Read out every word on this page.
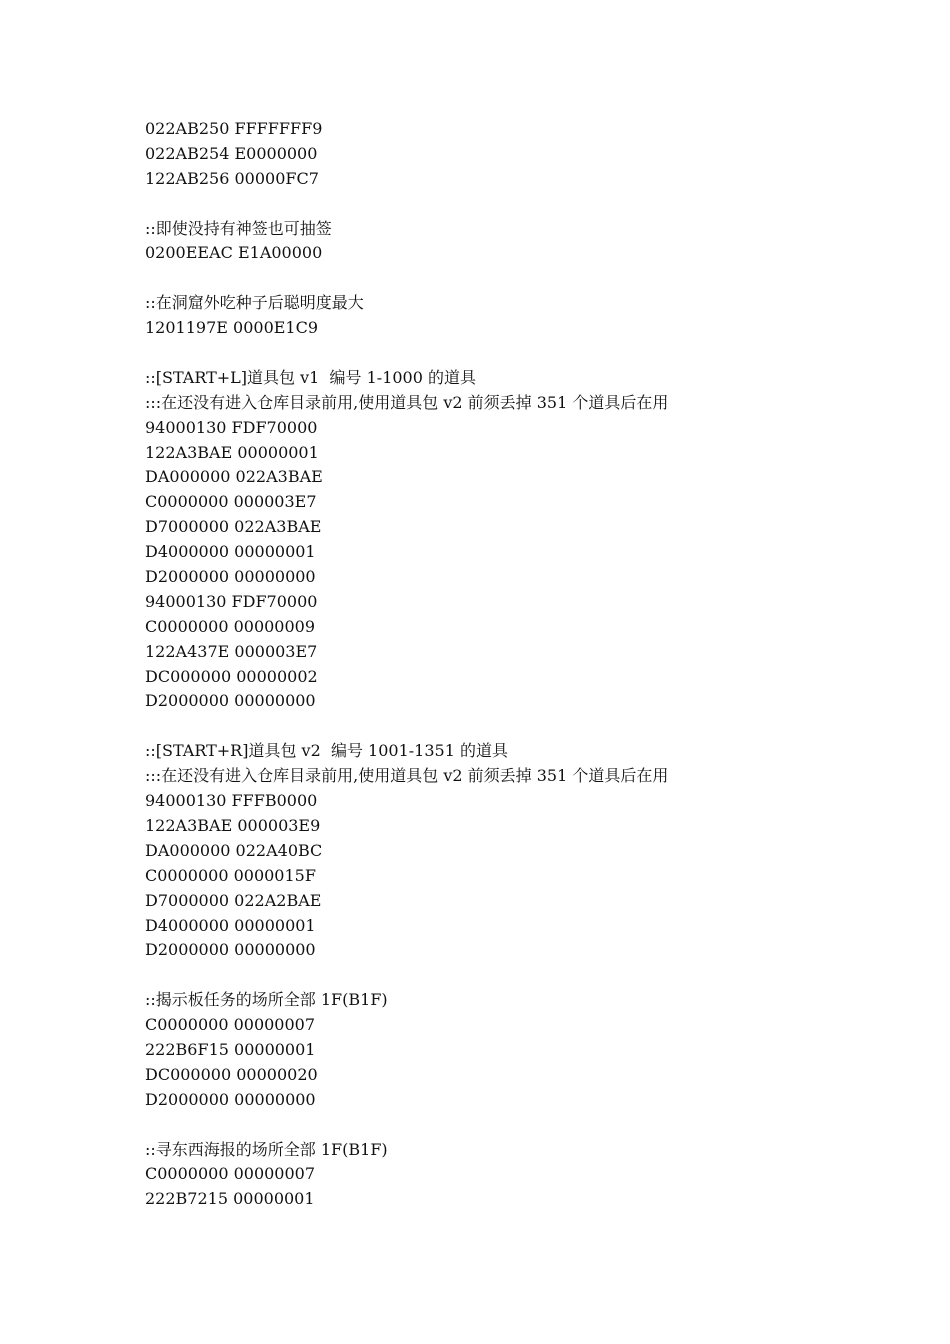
022AB250 FFFFFFF9
022AB254 E0000000
122AB256 00000FC7
::即使没持有神签也可抽签
0200EEAC E1A00000
::在洞窟外吃种子后聪明度最大
1201197E 0000E1C9
::[START+L]道具包 v1  编号 1-1000 的道具
:::在还没有进入仓库目录前用,使用道具包 v2 前须丢掉 351 个道具后在用
94000130 FDF70000
122A3BAE 00000001
DA000000 022A3BAE
C0000000 000003E7
D7000000 022A3BAE
D4000000 00000001
D2000000 00000000
94000130 FDF70000
C0000000 00000009
122A437E 000003E7
DC000000 00000002
D2000000 00000000
::[START+R]道具包 v2  编号 1001-1351 的道具
:::在还没有进入仓库目录前用,使用道具包 v2 前须丢掉 351 个道具后在用
94000130 FFFB0000
122A3BAE 000003E9
DA000000 022A40BC
C0000000 0000015F
D7000000 022A2BAE
D4000000 00000001
D2000000 00000000
::揭示板任务的场所全部 1F(B1F)
C0000000 00000007
222B6F15 00000001
DC000000 00000020
D2000000 00000000
::寻东西海报的场所全部 1F(B1F)
C0000000 00000007
222B7215 00000001
